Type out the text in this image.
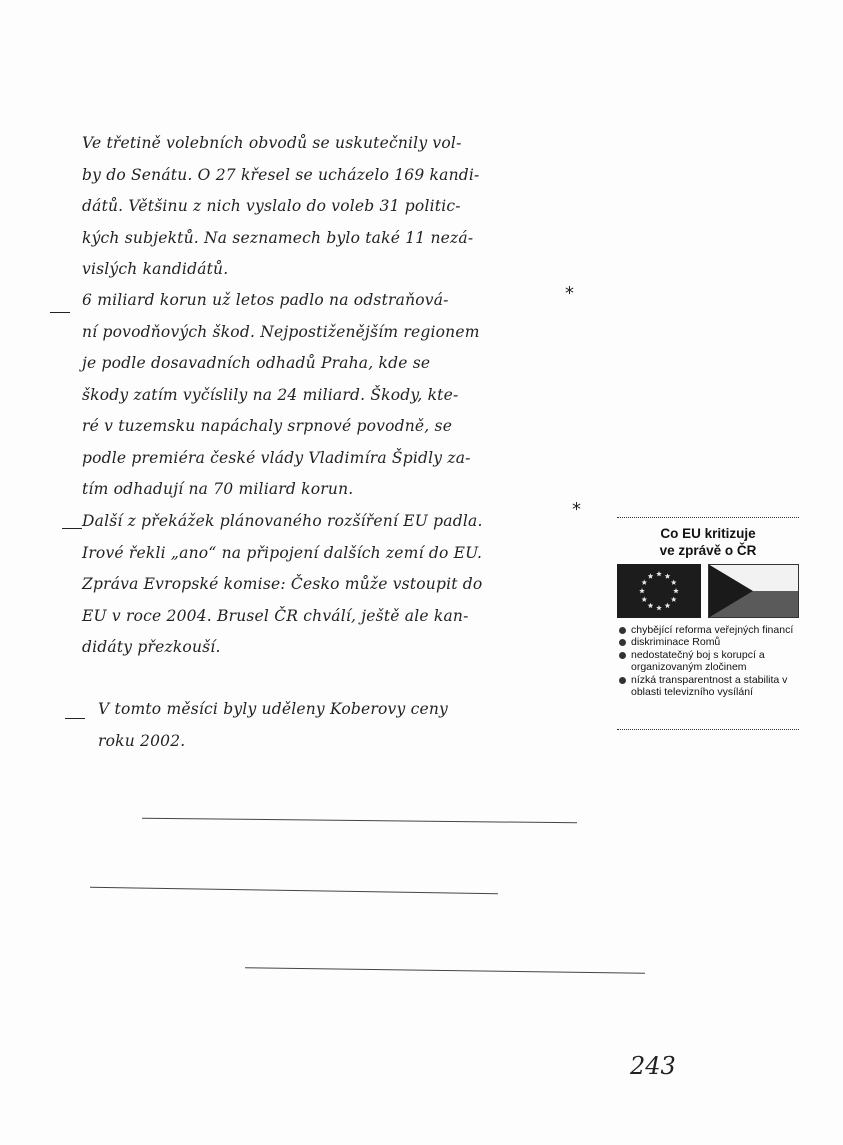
Ve třetině volebních obvodů se uskutečnily vol-
by do Senátu. O 27 křesel se ucházelo 169 kandi-
dátů. Většinu z nich vyslalo do voleb 31 politic-
kých subjektů. Na seznamech bylo také 11 nezá-
vislých kandidátů.
*
6 miliard korun už letos padlo na odstraňová-
ní povodňových škod. Nejpostiženějším regionem
je podle dosavadních odhadů Praha, kde se
škody zatím vyčíslily na 24 miliard. Škody, kte-
ré v tuzemsku napáchaly srpnové povodně, se
podle premiéra české vlády Vladimíra Špidly za-
tím odhadují na 70 miliard korun.
*
Další z překážek plánovaného rozšíření EU padla.
Irové řekli „ano“ na připojení dalších zemí do EU.
Zpráva Evropské komise: Česko může vstoupit do
EU v roce 2004. Brusel ČR chválí, ještě ale kan-
didáty přezkouší.
V tomto měsíci byly uděleny Koberovy ceny
roku 2002.
Co EU kritizuje
ve zprávě o ČR
chybějící reforma veřejných financí
diskriminace Romů
nedostatečný boj s korupcí a organizovaným zločinem
nízká transparentnost a stabilita v oblasti televizního vysílání
243
